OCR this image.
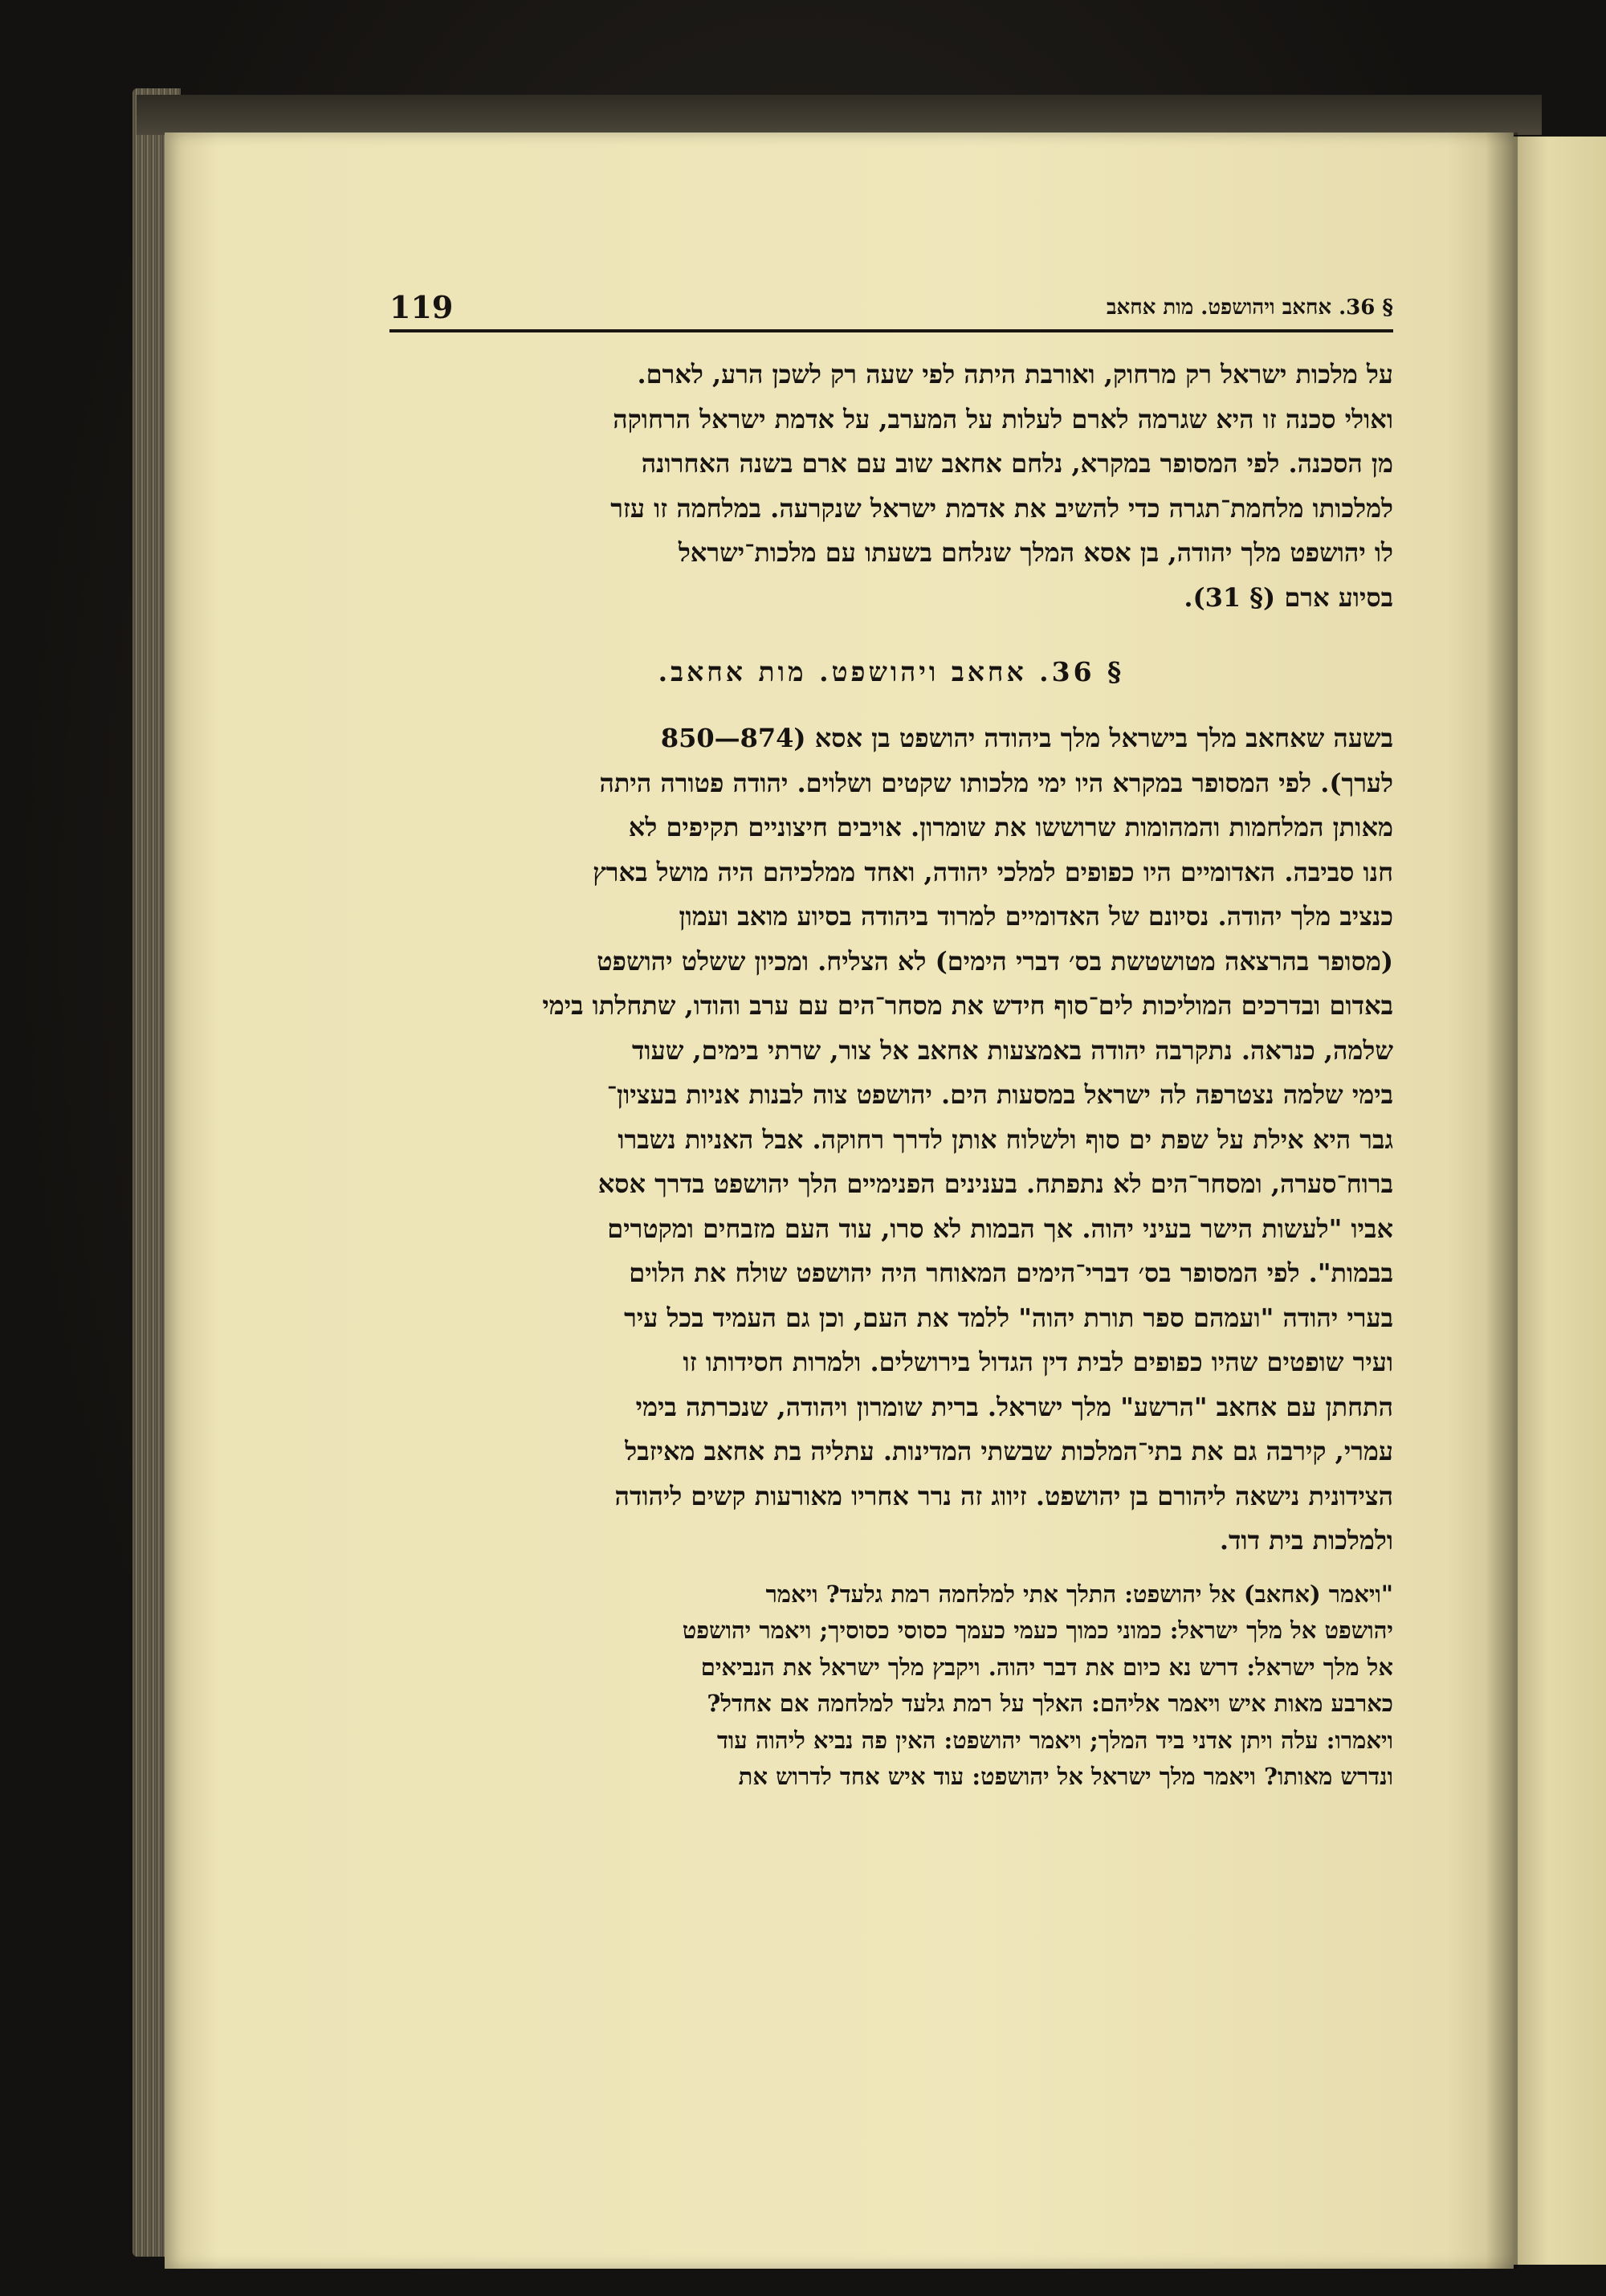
119	§ 36. אחאב ויהושפט. מות אחאב

על מלכות ישראל רק מרחוק, ואורבת היתה לפי שעה רק לשכן הרע, לארם.
ואולי סכנה זו היא שגרמה לארם לעלות על המערב, על אדמת ישראל הרחוקה
מן הסכנה. לפי המסופר במקרא, נלחם אחאב שוב עם ארם בשנה האחרונה
למלכותו מלחמת־תגרה כדי להשיב את אדמת ישראל שנקרעה. במלחמה זו עזר
לו יהושפט מלך יהודה, בן אסא המלך שנלחם בשעתו עם מלכות־ישראל
בסיוע ארם (§ 31).

§ 36. אחאב ויהושפט. מות אחאב.

בשעה שאחאב מלך בישראל מלך ביהודה יהושפט בן אסא (874—850
לערך). לפי המסופר במקרא היו ימי מלכותו שקטים ושלוים. יהודה פטורה היתה
מאותן המלחמות והמהומות שרוששו את שומרון. אויבים חיצוניים תקיפים לא
חנו סביבה. האדומיים היו כפופים למלכי יהודה, ואחד ממלכיהם היה מושל בארץ
כנציב מלך יהודה. נסיונם של האדומיים למרוד ביהודה בסיוע מואב ועמון
(מסופר בהרצאה מטושטשת בס׳ דברי הימים) לא הצליח. ומכיון ששלט יהושפט
באדום ובדרכים המוליכות לים־סוף חידש את מסחר־הים עם ערב והודו, שתחלתו בימי
שלמה, כנראה. נתקרבה יהודה באמצעות אחאב אל צור, שרתי בימים, שעוד
בימי שלמה נצטרפה לה ישראל במסעות הים. יהושפט צוה לבנות אניות בעציון־
גבר היא אילת על שפת ים סוף ולשלוח אותן לדרך רחוקה. אבל האניות נשברו
ברוח־סערה, ומסחר־הים לא נתפתח. בענינים הפנימיים הלך יהושפט בדרך אסא
אביו "לעשות הישר בעיני יהוה. אך הבמות לא סרו, עוד העם מזבחים ומקטרים
בבמות". לפי המסופר בס׳ דברי־הימים המאוחר היה יהושפט שולח את הלוים
בערי יהודה "ועמהם ספר תורת יהוה" ללמד את העם, וכן גם העמיד בכל עיר
ועיר שופטים שהיו כפופים לבית דין הגדול בירושלים. ולמרות חסידותו זו
התחתן עם אחאב "הרשע" מלך ישראל. ברית שומרון ויהודה, שנכרתה בימי
עמרי, קירבה גם את בתי־המלכות שבשתי המדינות. עתליה בת אחאב מאיזבל
הצידונית נישאה ליהורם בן יהושפט. זיווג זה נרר אחריו מאורעות קשים ליהודה
ולמלכות בית דוד.

"ויאמר (אחאב) אל יהושפט: התלך אתי למלחמה רמת גלעד? ויאמר
יהושפט אל מלך ישראל: כמוני כמוך כעמי כעמך כסוסי כסוסיך; ויאמר יהושפט
אל מלך ישראל: דרש נא כיום את דבר יהוה. ויקבץ מלך ישראל את הנביאים
כארבע מאות איש ויאמר אליהם: האלך על רמת גלעד למלחמה אם אחדל?
ויאמרו: עלה ויתן אדני ביד המלך; ויאמר יהושפט: האין פה נביא ליהוה עוד
ונדרש מאותו? ויאמר מלך ישראל אל יהושפט: עוד איש אחד לדרוש את
